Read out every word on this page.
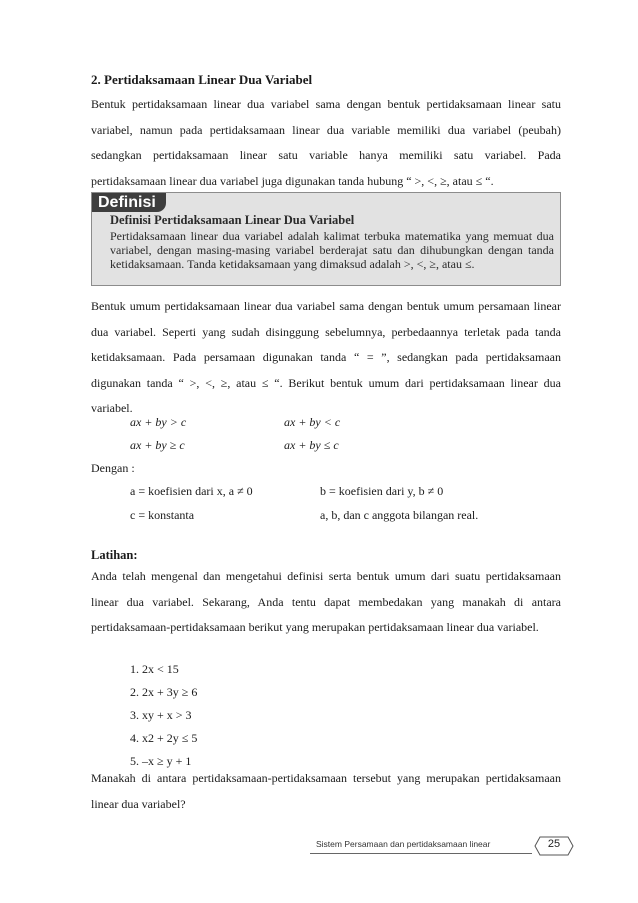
2. Pertidaksamaan Linear Dua Variabel

Bentuk pertidaksamaan linear dua variabel sama dengan bentuk pertidaksamaan linear satu variabel, namun pada pertidaksamaan linear dua variable memiliki dua variabel (peubah) sedangkan pertidaksamaan linear satu variable hanya memiliki satu variabel. Pada pertidaksamaan linear dua variabel juga digunakan tanda hubung “ >, <, ≥, atau ≤ “.

Definisi
Definisi Pertidaksamaan Linear Dua Variabel
Pertidaksamaan linear dua variabel adalah kalimat terbuka matematika yang memuat dua variabel, dengan masing-masing variabel berderajat satu dan dihubungkan dengan tanda ketidaksamaan. Tanda ketidaksamaan yang dimaksud adalah >, <, ≥, atau ≤.

Bentuk umum pertidaksamaan linear dua variabel sama dengan bentuk umum persamaan linear dua variabel. Seperti yang sudah disinggung sebelumnya, perbedaannya terletak pada tanda ketidaksamaan. Pada persamaan digunakan tanda “ = ”, sedangkan pada pertidaksamaan digunakan tanda “ >, <, ≥, atau ≤ “. Berikut bentuk umum dari pertidaksamaan linear dua variabel.

ax + by > c	ax + by < c
ax + by ≥ c	ax + by ≤ c
Dengan :
a = koefisien dari x, a ≠ 0	b = koefisien dari y, b ≠ 0
c = konstanta	a, b, dan c anggota bilangan real.
Latihan:

Anda telah mengenal dan mengetahui definisi serta bentuk umum dari suatu pertidaksamaan linear dua variabel. Sekarang, Anda tentu dapat membedakan yang manakah di antara pertidaksamaan-pertidaksamaan berikut yang merupakan pertidaksamaan linear dua variabel.

1. 2x < 15
2. 2x + 3y ≥ 6
3. xy + x > 3
4. x2 + 2y ≤ 5
5. –x ≥ y + 1

Manakah di antara pertidaksamaan-pertidaksamaan tersebut yang merupakan pertidaksamaan linear dua variabel?

Sistem Persamaan dan pertidaksamaan linear	25
